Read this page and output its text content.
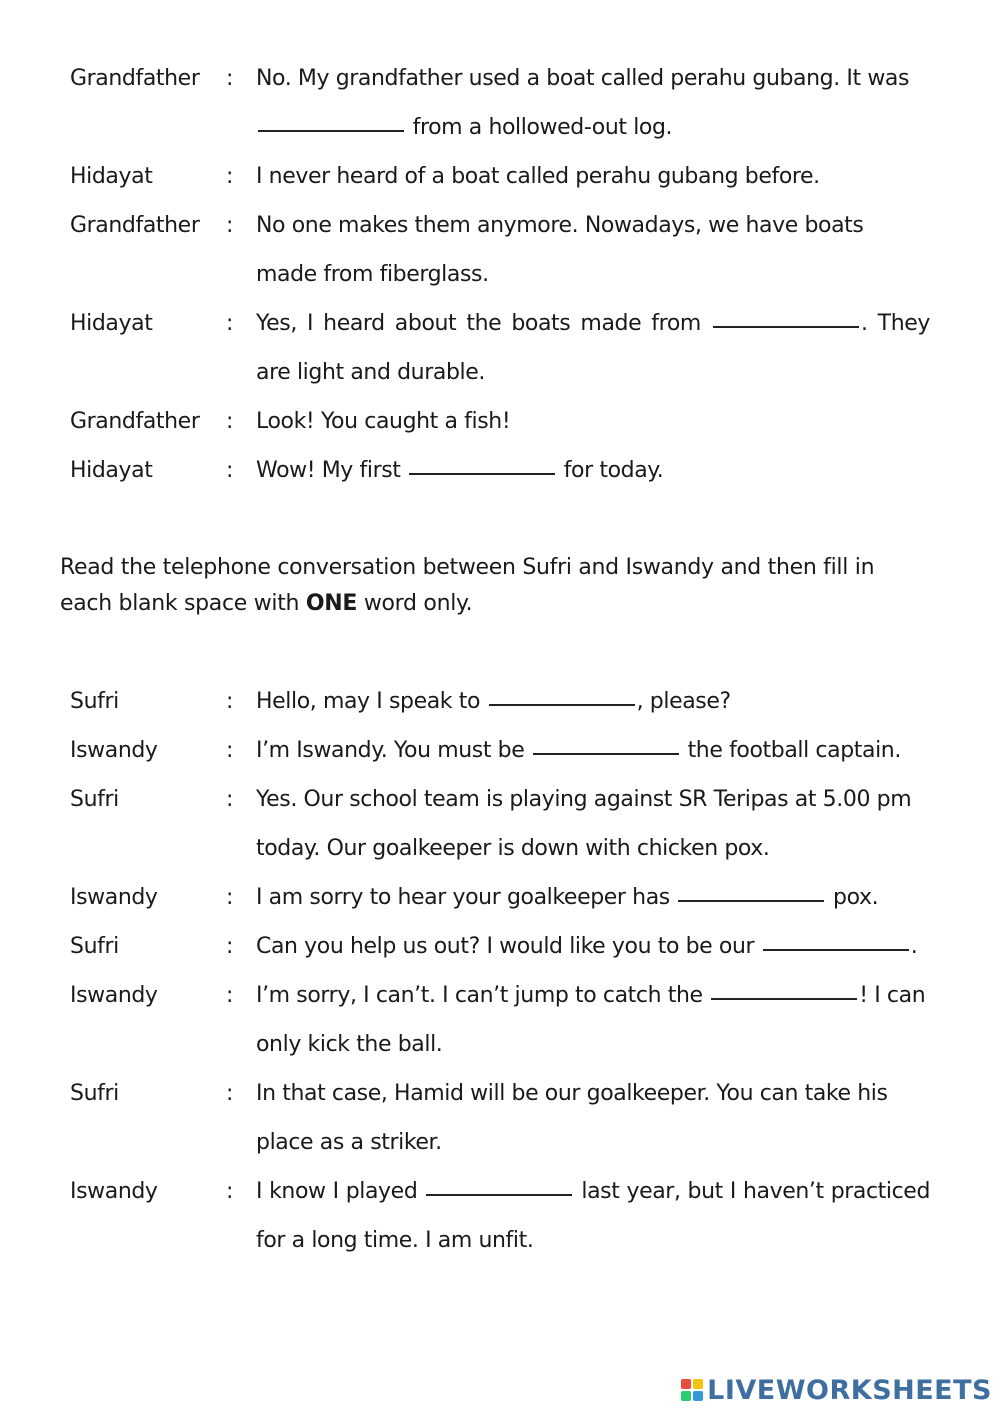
Grandfather	:	No. My grandfather used a boat called perahu gubang. It was from a hollowed-out log.
Hidayat	:	I never heard of a boat called perahu gubang before.
Grandfather	:	No one makes them anymore. Nowadays, we have boats made from fiberglass.
Hidayat	:	Yes, I heard about the boats made from	. They are light and durable.
Grandfather	:	Look! You caught a fish!
Hidayat	:	Wow! My first	for today.
Read the telephone conversation between Sufri and Iswandy and then fill in each blank space with ONE word only.
Sufri	:	Hello, may I speak to	, please?
Iswandy	:	I’m Iswandy. You must be	the football captain.
Sufri	:	Yes. Our school team is playing against SR Teripas at 5.00 pm today. Our goalkeeper is down with chicken pox.
Iswandy	:	I am sorry to hear your goalkeeper has	pox.
Sufri	:	Can you help us out? I would like you to be our	.
Iswandy	:	I’m sorry, I can’t. I can’t jump to catch the	! I can only kick the ball.
Sufri	:	In that case, Hamid will be our goalkeeper. You can take his place as a striker.
Iswandy	:	I know I played	last year, but I haven’t practiced for a long time. I am unfit.
LIVEWORKSHEETS
